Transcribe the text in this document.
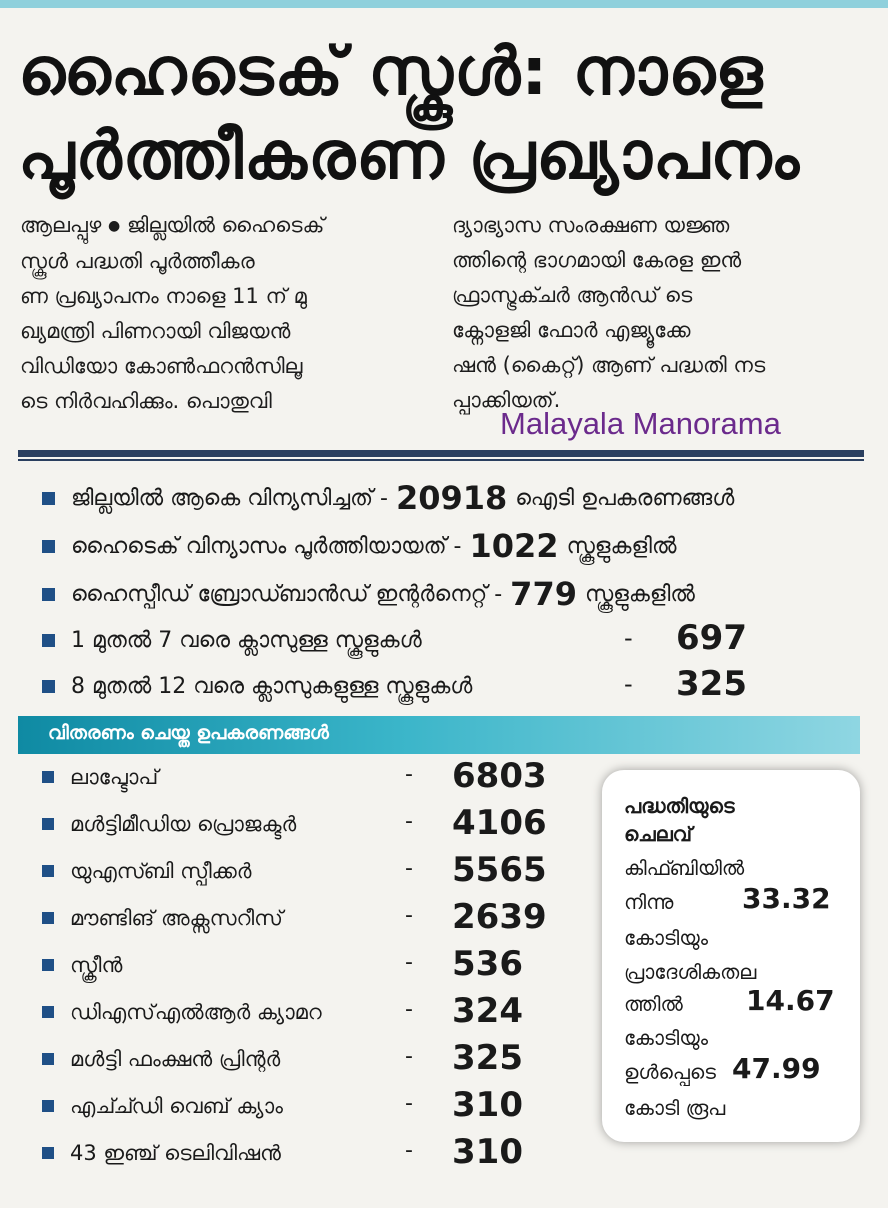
ഹൈടെക് സ്കൂൾ: നാളെ
പൂർത്തീകരണ പ്രഖ്യാപനം
ആലപ്പുഴ ● ജില്ലയിൽ ഹൈടെക്
സ്കൂൾ പദ്ധതി പൂർത്തീകര
ണ പ്രഖ്യാപനം നാളെ 11 ന് മു
ഖ്യമന്ത്രി പിണറായി വിജയൻ
വിഡിയോ കോൺഫറൻസിലൂ
ടെ നിർവഹിക്കും. പൊതുവി
ദ്യാഭ്യാസ സംരക്ഷണ യജ്ഞ
ത്തിന്റെ ഭാഗമായി കേരള ഇൻ
ഫ്രാസ്ട്രക്ചർ ആൻഡ് ടെ
ക്നോളജി ഫോർ എജ്യൂക്കേ
ഷൻ (കൈറ്റ്) ആണ് പദ്ധതി നട
പ്പാക്കിയത്.
Malayala Manorama
ജില്ലയിൽ ആകെ വിന്യസിച്ചത് - 20918 ഐടി ഉപകരണങ്ങൾ
ഹൈടെക് വിന്യാസം പൂർത്തിയായത് - 1022 സ്കൂളുകളിൽ
ഹൈസ്പീഡ് ബ്രോഡ്ബാൻഡ് ഇന്റർനെറ്റ് - 779 സ്കൂളുകളിൽ
1 മുതൽ 7 വരെ ക്ലാസുള്ള സ്കൂളുകൾ	- 697
8 മുതൽ 12 വരെ ക്ലാസുകളുള്ള സ്കൂളുകൾ	- 325
വിതരണം ചെയ്ത ഉപകരണങ്ങൾ
ലാപ്ടോപ്	- 6803
മൾട്ടിമീഡിയ പ്രൊജക്ടർ	- 4106
യുഎസ്ബി സ്പീക്കർ	- 5565
മൗണ്ടിങ് അക്സസറീസ്	- 2639
സ്ക്രീൻ	- 536
ഡിഎസ്എൽആർ ക്യാമറ	- 324
മൾട്ടി ഫംക്ഷൻ പ്രിന്റർ	- 325
എച്ച്ഡി വെബ് ക്യാം	- 310
43 ഇഞ്ച് ടെലിവിഷൻ	- 310
പദ്ധതിയുടെ
ചെലവ്
കിഫ്ബിയിൽ
നിന്നു 33.32
കോടിയും
പ്രാദേശികതല
ത്തിൽ 14.67
കോടിയും
ഉൾപ്പെടെ 47.99
കോടി രൂപ
